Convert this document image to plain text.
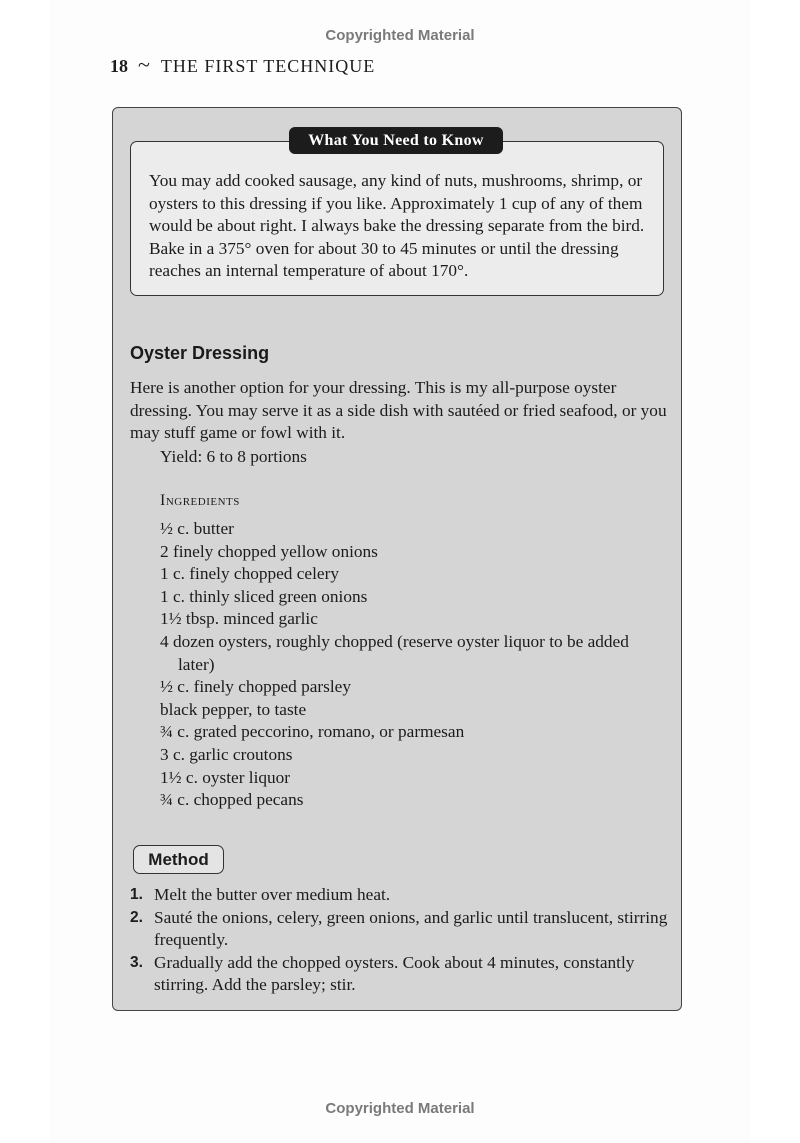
Copyrighted Material
18 ~ THE FIRST TECHNIQUE
What You Need to Know
You may add cooked sausage, any kind of nuts, mushrooms, shrimp, or oysters to this dressing if you like. Approximately 1 cup of any of them would be about right. I always bake the dressing separate from the bird. Bake in a 375° oven for about 30 to 45 minutes or until the dressing reaches an internal temperature of about 170°.
Oyster Dressing
Here is another option for your dressing. This is my all-purpose oyster dressing. You may serve it as a side dish with sautéed or fried seafood, or you may stuff game or fowl with it.
Yield: 6 to 8 portions
Ingredients
½ c. butter
2 finely chopped yellow onions
1 c. finely chopped celery
1 c. thinly sliced green onions
1½ tbsp. minced garlic
4 dozen oysters, roughly chopped (reserve oyster liquor to be added later)
½ c. finely chopped parsley
black pepper, to taste
¾ c. grated peccorino, romano, or parmesan
3 c. garlic croutons
1½ c. oyster liquor
¾ c. chopped pecans
Method
1. Melt the butter over medium heat.
2. Sauté the onions, celery, green onions, and garlic until translucent, stirring frequently.
3. Gradually add the chopped oysters. Cook about 4 minutes, constantly stirring. Add the parsley; stir.
Copyrighted Material
